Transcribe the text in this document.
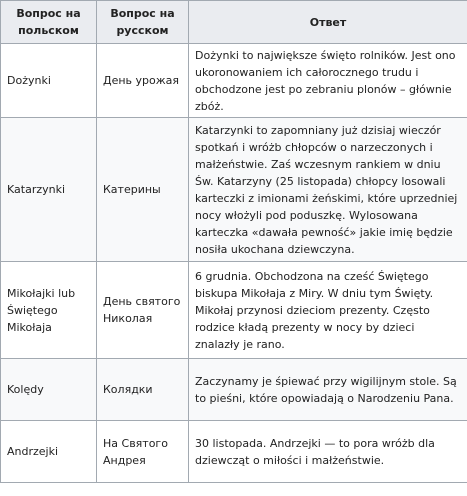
Вопрос на польском	Вопрос на русском	Ответ
Dożynki	День урожая	Dożynki to największe święto rolników. Jest ono ukoronowaniem ich całorocznego trudu i obchodzone jest po zebraniu plonów – głównie zbóż.
Katarzynki	Катерины	Katarzynki to zapomniany już dzisiaj wieczór spotkań i wróżb chłopców o narzeczonych i małżeństwie. Zaś wczesnym rankiem w dniu Św. Katarzyny (25 listopada) chłopcy losowali karteczki z imionami żeńskimi, które uprzedniej nocy włożyli pod poduszkę. Wylosowana karteczka «dawała pewność» jakie imię będzie nosiła ukochana dziewczyna.
Mikołajki lub Świętego Mikołaja	День святого Николая	6 grudnia. Obchodzona na cześć Świętego biskupa Mikołaja z Miry. W dniu tym Święty. Mikołaj przynosi dzieciom prezenty. Często rodzice kładą prezenty w nocy by dzieci znalazły je rano.
Kolędy	Колядки	Zaczynamy je śpiewać przy wigilijnym stole. Są to pieśni, które opowiadają o Narodzeniu Pana.
Andrzejki	На Святого Андрея	30 listopada. Andrzejki — to pora wróżb dla dziewcząt o miłości i małżeństwie.
